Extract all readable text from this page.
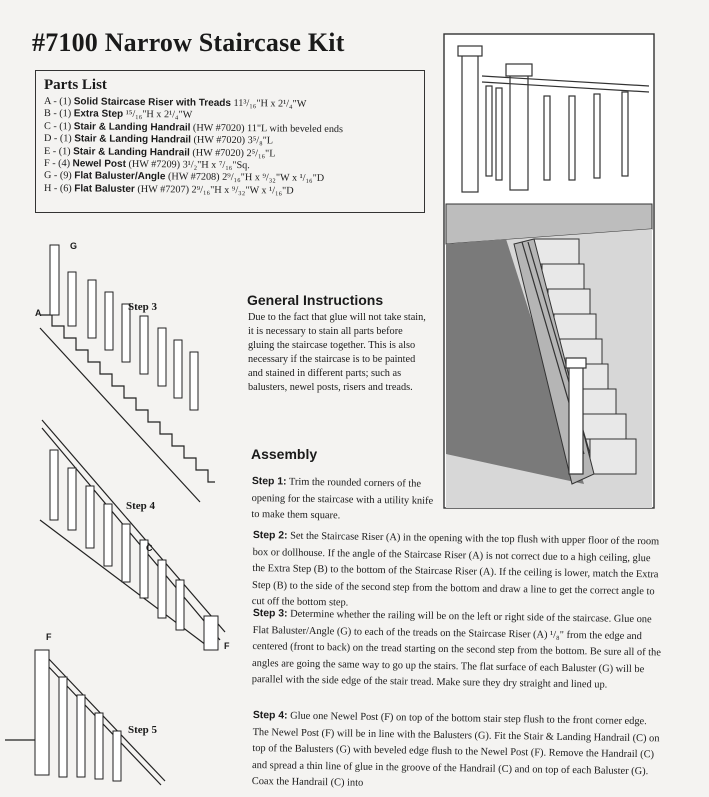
#7100 Narrow Staircase Kit
Parts List
A - (1) Solid Staircase Riser with Treads 11³/₁₆"H x 2¹/₄"W
B - (1) Extra Step ¹⁵/₁₆"H x 2¹/₄"W
C - (1) Stair & Landing Handrail (HW #7020) 11"L with beveled ends
D - (1) Stair & Landing Handrail (HW #7020) 3⁵/₈"L
E - (1) Stair & Landing Handrail (HW #7020) 2⁵/₁₆"L
F - (4) Newel Post (HW #7209) 3¹/₂"H x ⁷/₁₆"Sq.
G - (9) Flat Baluster/Angle (HW #7208) 2⁹/₁₆"H x ⁹/₃₂"W x ¹/₁₆"D
H - (6) Flat Baluster (HW #7207) 2⁹/₁₆"H x ⁹/₃₂"W x ¹/₁₆"D
Step 3
A
G
Step 4
C
F
F
Step 5
General Instructions

Due to the fact that glue will not take stain, it is necessary to stain all parts before gluing the staircase together. This is also necessary if the staircase is to be painted and stained in different parts; such as balusters, newel posts, risers and treads.

Assembly

Step 1: Trim the rounded corners of the opening for the staircase with a utility knife to make them square.

Step 2: Set the Staircase Riser (A) in the opening with the top flush with upper floor of the room box or dollhouse. If the angle of the Staircase Riser (A) is not correct due to a high ceiling, glue the Extra Step (B) to the bottom of the Staircase Riser (A). If the ceiling is lower, match the Extra Step (B) to the side of the second step from the bottom and draw a line to get the correct angle to cut off the bottom step.

Step 3: Determine whether the railing will be on the left or right side of the staircase. Glue one Flat Baluster/Angle (G) to each of the treads on the Staircase Riser (A) ¹/₈" from the edge and centered (front to back) on the tread starting on the second step from the bottom. Be sure all of the angles are going the same way to go up the stairs. The flat surface of each Baluster (G) will be parallel with the side edge of the stair tread. Make sure they dry straight and lined up.

Step 4: Glue one Newel Post (F) on top of the bottom stair step flush to the front corner edge. The Newel Post (F) will be in line with the Balusters (G). Fit the Stair & Landing Handrail (C) on top of the Balusters (G) with beveled edge flush to the Newel Post (F). Remove the Handrail (C) and spread a thin line of glue in the groove of the Handrail (C) and on top of each Baluster (G). Coax the Handrail (C) into
